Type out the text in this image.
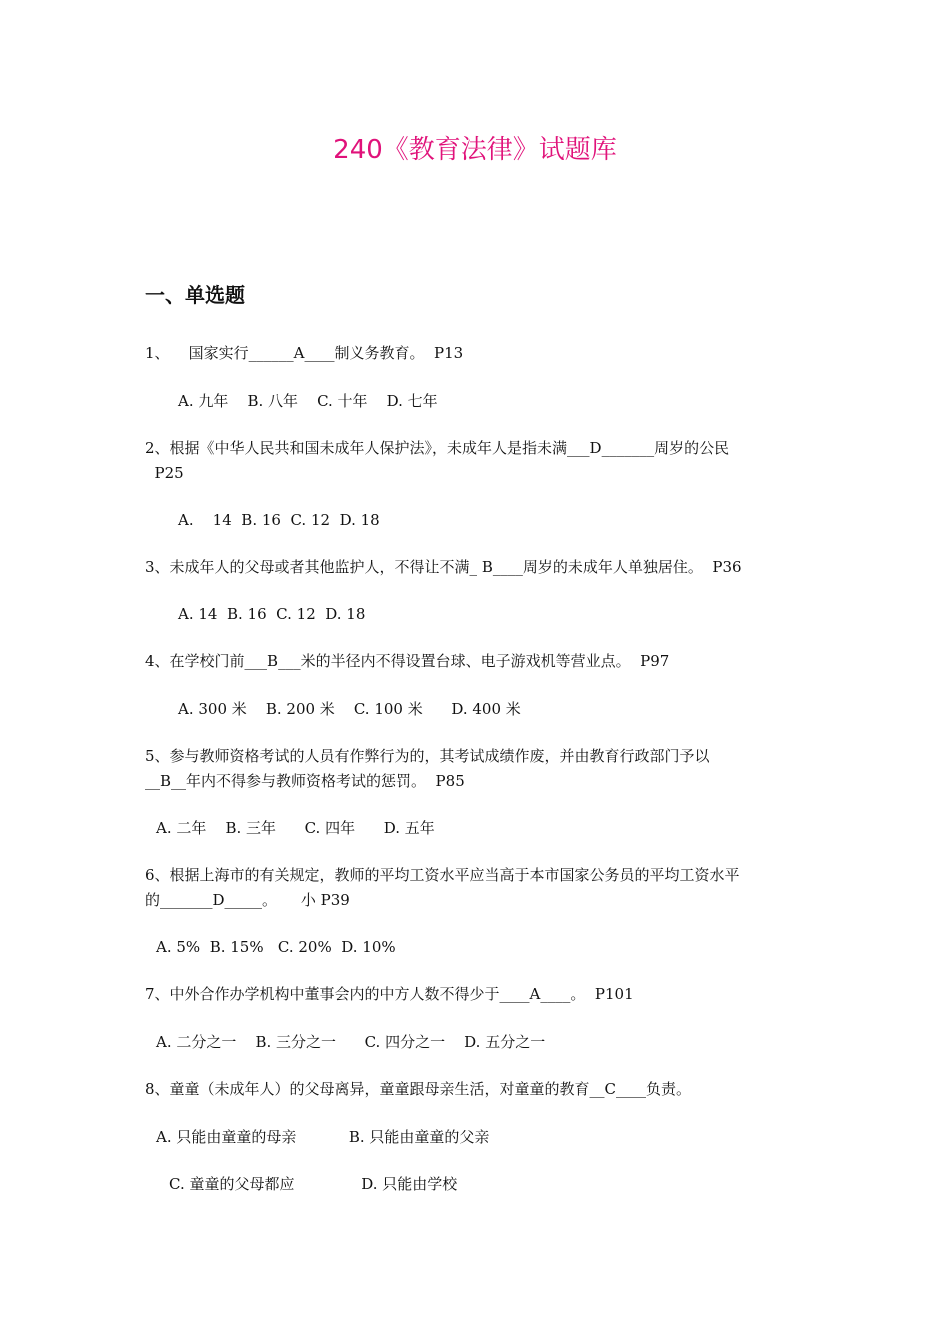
240《教育法律》试题库
一、单选题
1、    国家实行______A____制义务教育。  P13
A. 九年    B. 八年    C. 十年    D. 七年
2、根据《中华人民共和国未成年人保护法》，未成年人是指未满___D_______周岁的公民
P25
A.    14  B. 16  C. 12  D. 18
3、未成年人的父母或者其他监护人，不得让不满_ B____周岁的未成年人单独居住。  P36
A. 14  B. 16  C. 12  D. 18
4、在学校门前___B___米的半径内不得设置台球、电子游戏机等营业点。  P97
A. 300 米    B. 200 米    C. 100 米      D. 400 米
5、参与教师资格考试的人员有作弊行为的，其考试成绩作废，并由教育行政部门予以
__B__年内不得参与教师资格考试的惩罚。  P85
A. 二年    B. 三年      C. 四年      D. 五年
6、根据上海市的有关规定，教师的平均工资水平应当高于本市国家公务员的平均工资水平
的_______D_____。     小 P39
A. 5%  B. 15%   C. 20%  D. 10%
7、中外合作办学机构中董事会内的中方人数不得少于____A____。  P101
A. 二分之一    B. 三分之一      C. 四分之一    D. 五分之一
8、童童（未成年人）的父母离异，童童跟母亲生活，对童童的教育__C____负责。
A. 只能由童童的母亲           B. 只能由童童的父亲
C. 童童的父母都应              D. 只能由学校
